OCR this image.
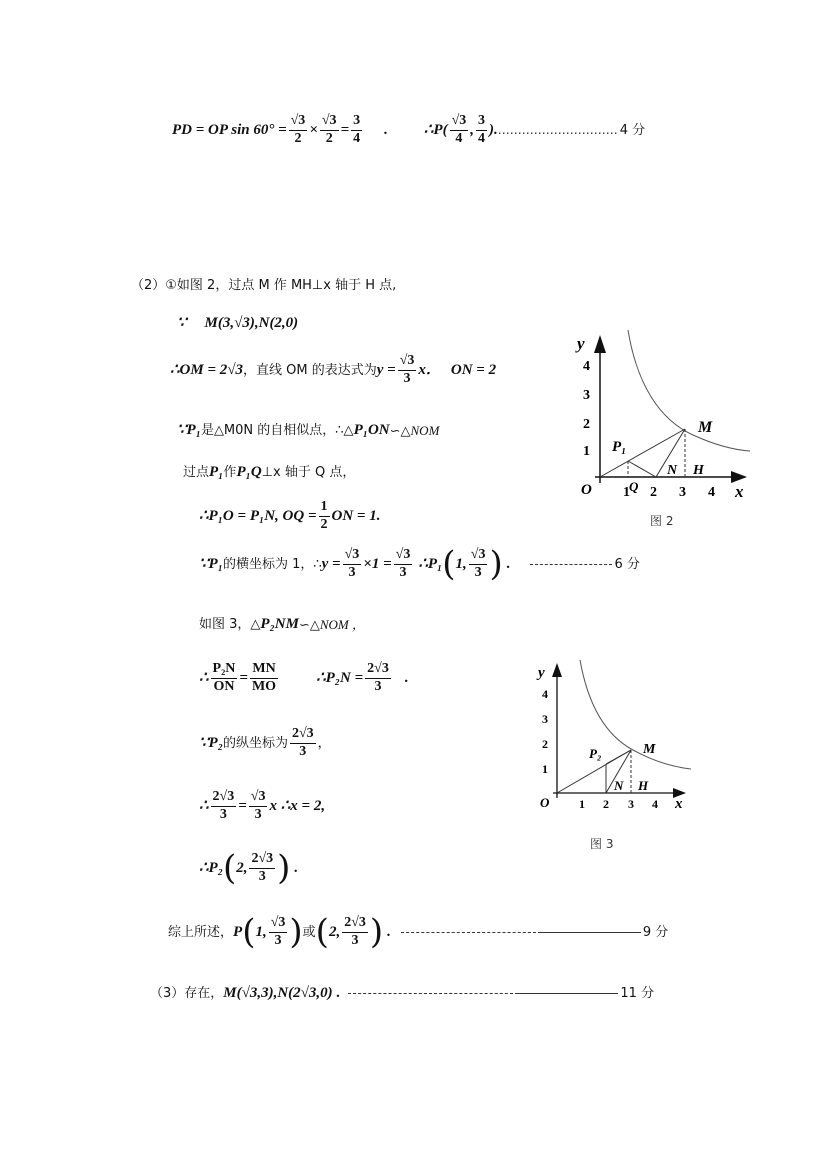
PD = OP $\sin 60^\circ = \frac{√3}{2} \times \frac{√3}{2} = \frac{3}{4}$ . ∴P( $\frac{√3}{4}$ , $\frac{3}{4}$ ). ………………………… 4 分
（2）①如图 2，过点 M 作 MH⊥x 轴于 H 点,
∵ M(3,√3),N(2,0)
∴OM = 2√3 ，直线 OM 的表达式为 $y = \frac{√3}{3}$ x． ON = 2
∵P₁ 是△M0N 的自相似点，∴△ P₁ON ∽△NOM
过点 P₁ 作 P₁Q ⊥x 轴于 Q 点，
∴P₁O = P₁N, OQ = $\frac{1}{2}$ ON = 1.
∵P₁ 的横坐标为 1，∴ $y = \frac{√3}{3} \times 1 = \frac{√3}{3}$ ∴P₁ ( 1, $\frac{√3}{3}$ ) .	6 分
如图 3，△ P₂NM ∽△NOM ，
∴ $\frac{\text{P₂N}}{ON} = \frac{MN}{MO}$	∴P₂N = $\frac{2√3}{3}$ .
∵P₂ 的纵坐标为 $\frac{2√3}{3}$ ，
∴ $\frac{2√3}{3} = \frac{√3}{3}$ x ∴x = 2,
∴P₂ ( 2, $\frac{2√3}{3}$ ) .
综上所述， P ( 1, $\frac{√3}{3}$ ) 或 ( 2, $\frac{2√3}{3}$ ) .	9 分
（3）存在， M(√3,3),N(2√3,0) .	11 分
y
x
O 1 2 3 4
1
2
3
4
M
P₁
N H
Q
图 2
y
x
O 1 2 3 4
1
2
3
4
M
P₂
N H
图 3
